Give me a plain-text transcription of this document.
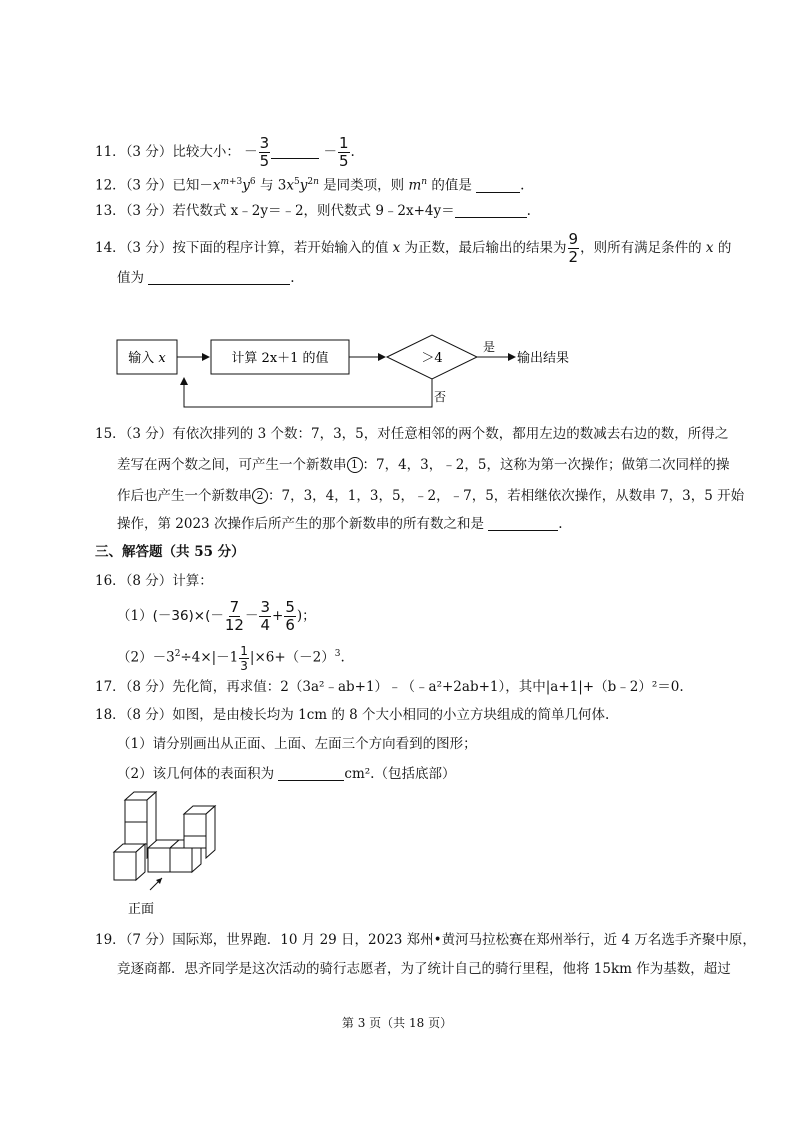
11．（3 分）比较大小： － $\frac{3}{5}$	－ $\frac{1}{5}$ .
12．（3 分）已知$-x^{m+3}y^6$ 与 $3x^5y^{2n}$ 是同类项，则 $m^n$ 的值是	.
13．（3 分）若代数式 x﹣2y＝﹣2，则代数式 9﹣2x+4y＝	.
14．（3 分）按下面的程序计算，若开始输入的值 x 为正数，最后输出的结果为 $\frac{9}{2}$ ，则所有满足条件的 x 的
值为	.
输入 x	计算 2x＋1 的值	＞4
是
输出结果
否
15．（3 分）有依次排列的 3 个数：7，3，5，对任意相邻的两个数，都用左边的数减去右边的数，所得之
差写在两个数之间，可产生一个新数串 1 ：7，4，3，﹣2，5，这称为第一次操作；做第二次同样的操
作后也产生一个新数串 2 ：7，3，4，1，3，5，﹣2，﹣7，5，若相继依次操作，从数串 7，3，5 开始
操作，第 2023 次操作后所产生的那个新数串的所有数之和是	.
三、解答题（共 55 分）
16．（8 分）计算：
$(1)(-36)\times(- \frac{7}{12} - \frac{3}{4} + \frac{5}{6}$ )；
$(2)-3^2\div 4\times|-1 \frac{1}{3} |\times 6+(-2)^3$.
17．（8 分）先化简，再求值：2（3a²﹣ab+1）﹣（﹣a²+2ab+1），其中|a+1|+（b﹣2）²＝0.
18．（8 分）如图，是由棱长均为 1cm 的 8 个大小相同的小立方块组成的简单几何体.
（1）请分别画出从正面、上面、左面三个方向看到的图形；
（2）该几何体的表面积为	cm².（包括底部）
正面
19．（7 分）国际郑，世界跑．10 月 29 日，2023 郑州•黄河马拉松赛在郑州举行，近 4 万名选手齐聚中原，
竞逐商都．思齐同学是这次活动的骑行志愿者，为了统计自己的骑行里程，他将 15km 作为基数，超过
第 3 页（共 18 页）
